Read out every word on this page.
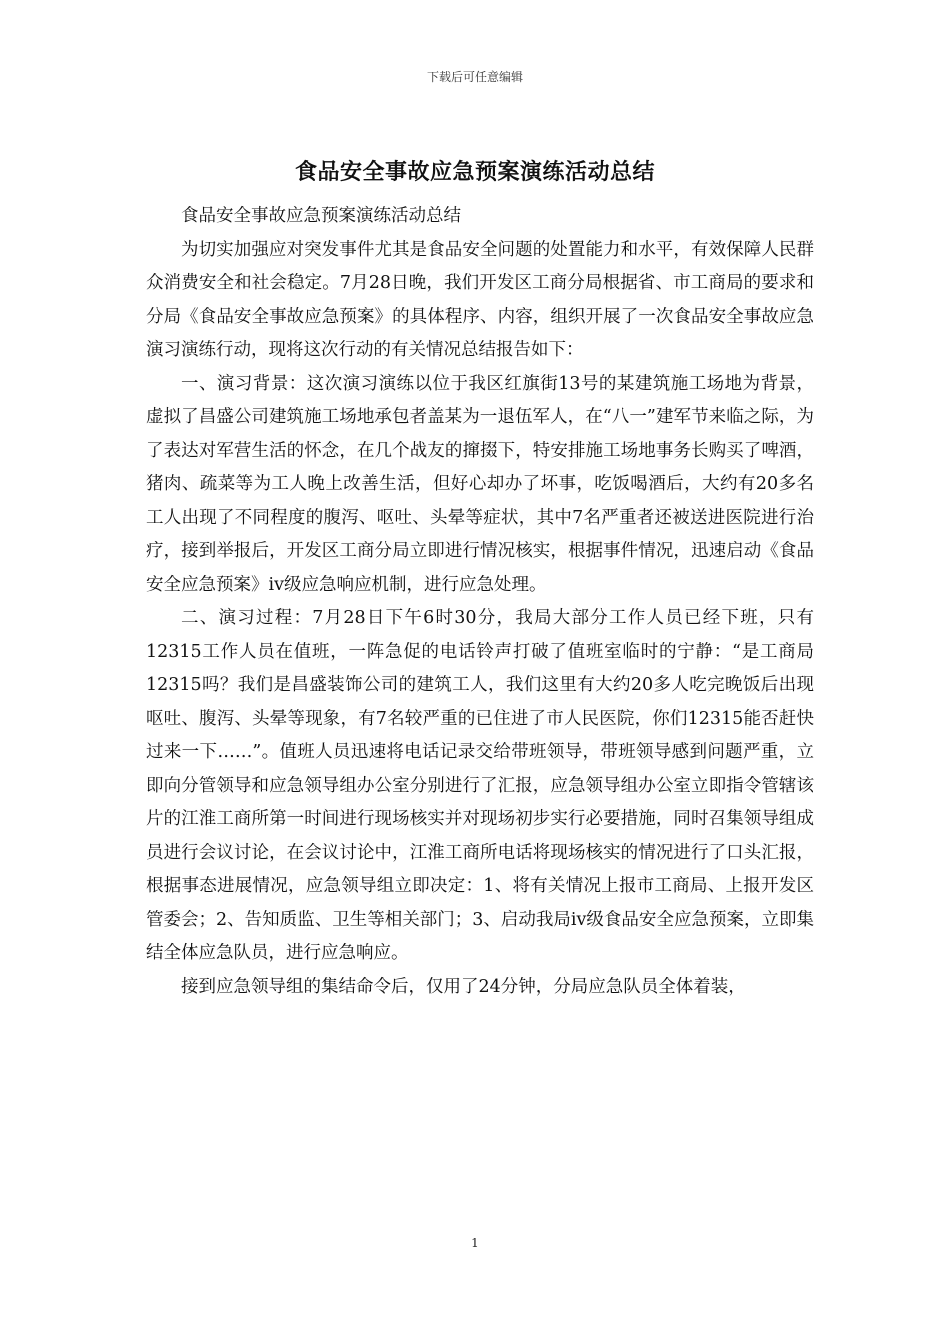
下载后可任意编辑
食品安全事故应急预案演练活动总结

食品安全事故应急预案演练活动总结

为切实加强应对突发事件尤其是食品安全问题的处置能力和水平，有效保障人民群众消费安全和社会稳定。7月28日晚，我们开发区工商分局根据省、市工商局的要求和分局《食品安全事故应急预案》的具体程序、内容，组织开展了一次食品安全事故应急演习演练行动，现将这次行动的有关情况总结报告如下：

一、演习背景：这次演习演练以位于我区红旗街13号的某建筑施工场地为背景，虚拟了昌盛公司建筑施工场地承包者盖某为一退伍军人，在“八一”建军节来临之际，为了表达对军营生活的怀念，在几个战友的撺掇下，特安排施工场地事务长购买了啤酒，猪肉、疏菜等为工人晚上改善生活，但好心却办了坏事，吃饭喝酒后，大约有20多名工人出现了不同程度的腹泻、呕吐、头晕等症状，其中7名严重者还被送进医院进行治疗，接到举报后，开发区工商分局立即进行情况核实，根据事件情况，迅速启动《食品安全应急预案》iv级应急响应机制，进行应急处理。

二、演习过程：7月28日下午6时30分，我局大部分工作人员已经下班，只有12315工作人员在值班，一阵急促的电话铃声打破了值班室临时的宁静：“是工商局12315吗？我们是昌盛装饰公司的建筑工人，我们这里有大约20多人吃完晚饭后出现呕吐、腹泻、头晕等现象，有7名较严重的已住进了市人民医院，你们12315能否赶快过来一下……”。值班人员迅速将电话记录交给带班领导，带班领导感到问题严重，立即向分管领导和应急领导组办公室分别进行了汇报，应急领导组办公室立即指令管辖该片的江淮工商所第一时间进行现场核实并对现场初步实行必要措施，同时召集领导组成员进行会议讨论，在会议讨论中，江淮工商所电话将现场核实的情况进行了口头汇报，根据事态进展情况，应急领导组立即决定：1、将有关情况上报市工商局、上报开发区管委会；2、告知质监、卫生等相关部门；3、启动我局iv级食品安全应急预案，立即集结全体应急队员，进行应急响应。

接到应急领导组的集结命令后，仅用了24分钟，分局应急队员全体着装，

1
